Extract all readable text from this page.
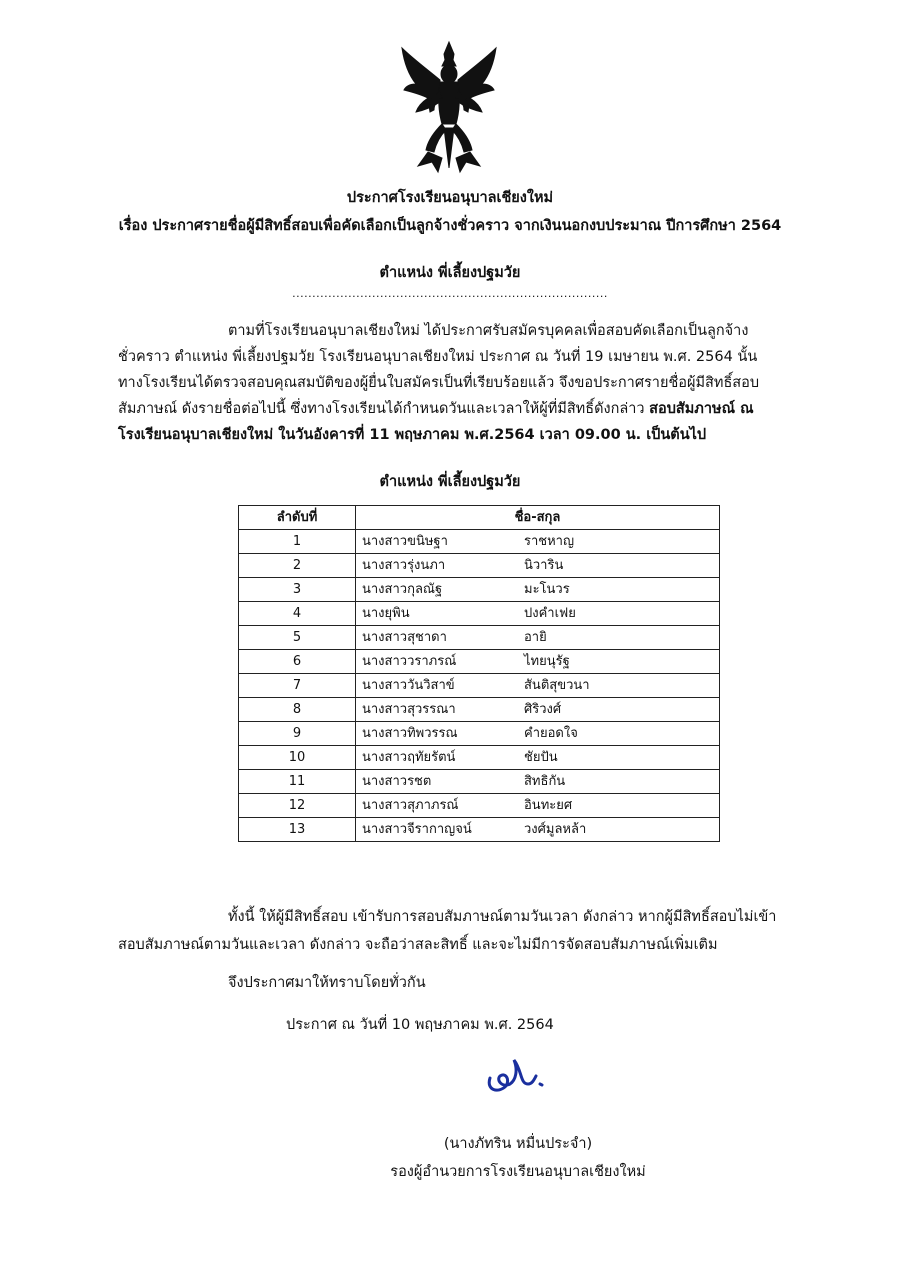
ประกาศโรงเรียนอนุบาลเชียงใหม่
เรื่อง ประกาศรายชื่อผู้มีสิทธิ์สอบเพื่อคัดเลือกเป็นลูกจ้างชั่วคราว จากเงินนอกงบประมาณ ปีการศึกษา 2564
ตำแหน่ง พี่เลี้ยงปฐมวัย
...............................................................................
ตามที่โรงเรียนอนุบาลเชียงใหม่ ได้ประกาศรับสมัครบุคคลเพื่อสอบคัดเลือกเป็นลูกจ้าง
ชั่วคราว ตำแหน่ง พี่เลี้ยงปฐมวัย โรงเรียนอนุบาลเชียงใหม่ ประกาศ ณ วันที่ 19 เมษายน พ.ศ. 2564 นั้น
ทางโรงเรียนได้ตรวจสอบคุณสมบัติของผู้ยื่นใบสมัครเป็นที่เรียบร้อยแล้ว จึงขอประกาศรายชื่อผู้มีสิทธิ์สอบ
สัมภาษณ์ ดังรายชื่อต่อไปนี้ ซึ่งทางโรงเรียนได้กำหนดวันและเวลาให้ผู้ที่มีสิทธิ์ดังกล่าว สอบสัมภาษณ์ ณ
โรงเรียนอนุบาลเชียงใหม่ ในวันอังคารที่ 11 พฤษภาคม พ.ศ.2564 เวลา 09.00 น. เป็นต้นไป
ตำแหน่ง พี่เลี้ยงปฐมวัย
ลำดับที่	ชื่อ-สกุล	
1	นางสาวขนิษฐา	ราชหาญ
2	นางสาวรุ่งนภา	นิวาริน
3	นางสาวกุลณัฐ	มะโนวร
4	นางยุพิน	ปงคำเฟย
5	นางสาวสุชาดา	อายิ
6	นางสาววราภรณ์	ไทยนุรัฐ
7	นางสาววันวิสาข์	สันติสุขวนา
8	นางสาวสุวรรณา	ศิริวงศ์
9	นางสาวทิพวรรณ	คำยอดใจ
10	นางสาวฤทัยรัตน์	ชัยปัน
11	นางสาวรชต	สิทธิกัน
12	นางสาวสุภาภรณ์	อินทะยศ
13	นางสาวจีรากาญจน์	วงศ์มูลหล้า
ทั้งนี้ ให้ผู้มีสิทธิ์สอบ เข้ารับการสอบสัมภาษณ์ตามวันเวลา ดังกล่าว หากผู้มีสิทธิ์สอบไม่เข้า
สอบสัมภาษณ์ตามวันและเวลา ดังกล่าว จะถือว่าสละสิทธิ์ และจะไม่มีการจัดสอบสัมภาษณ์เพิ่มเติม
จึงประกาศมาให้ทราบโดยทั่วกัน
ประกาศ ณ วันที่ 10 พฤษภาคม พ.ศ. 2564
(นางภัทริน หมื่นประจำ)
รองผู้อำนวยการโรงเรียนอนุบาลเชียงใหม่
